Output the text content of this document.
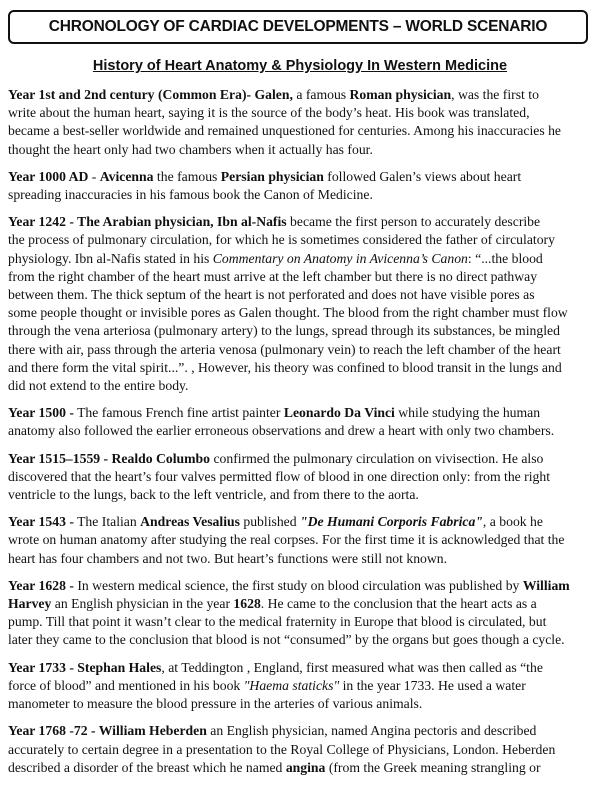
CHRONOLOGY OF CARDIAC DEVELOPMENTS – WORLD SCENARIO
History of Heart Anatomy & Physiology In Western Medicine
Year 1st and 2nd century (Common Era)- Galen, a famous Roman physician, was the first to
write about the human heart, saying it is the source of the body’s heat. His book was translated,
became a best-seller worldwide and remained unquestioned for centuries. Among his inaccuracies he
thought the heart only had two chambers when it actually has four.
Year 1000 AD - Avicenna the famous Persian physician followed Galen’s views about heart
spreading inaccuracies in his famous book the Canon of Medicine.
Year 1242 - The Arabian physician, Ibn al-Nafis became the first person to accurately describe
the process of pulmonary circulation, for which he is sometimes considered the father of circulatory
physiology. Ibn al-Nafis stated in his Commentary on Anatomy in Avicenna’s Canon: “...the blood
from the right chamber of the heart must arrive at the left chamber but there is no direct pathway
between them. The thick septum of the heart is not perforated and does not have visible pores as
some people thought or invisible pores as Galen thought. The blood from the right chamber must flow
through the vena arteriosa (pulmonary artery) to the lungs, spread through its substances, be mingled
there with air, pass through the arteria venosa (pulmonary vein) to reach the left chamber of the heart
and there form the vital spirit...”. , However, his theory was confined to blood transit in the lungs and
did not extend to the entire body.
Year 1500 - The famous French fine artist painter Leonardo Da Vinci while studying the human
anatomy also followed the earlier erroneous observations and drew a heart with only two chambers.
Year 1515–1559 - Realdo Columbo confirmed the pulmonary circulation on vivisection. He also
discovered that the heart’s four valves permitted flow of blood in one direction only: from the right
ventricle to the lungs, back to the left ventricle, and from there to the aorta.
Year 1543 - The Italian Andreas Vesalius published "De Humani Corporis Fabrica", a book he
wrote on human anatomy after studying the real corpses. For the first time it is acknowledged that the
heart has four chambers and not two. But heart’s functions were still not known.
Year 1628 - In western medical science, the first study on blood circulation was published by William
Harvey an English physician in the year 1628. He came to the conclusion that the heart acts as a
pump. Till that point it wasn’t clear to the medical fraternity in Europe that blood is circulated, but
later they came to the conclusion that blood is not “consumed” by the organs but goes though a cycle.
Year 1733 - Stephan Hales, at Teddington , England, first measured what was then called as “the
force of blood” and mentioned in his book "Haema staticks" in the year 1733. He used a water
manometer to measure the blood pressure in the arteries of various animals.
Year 1768 -72 - William Heberden an English physician, named Angina pectoris and described
accurately to certain degree in a presentation to the Royal College of Physicians, London. Heberden
described a disorder of the breast which he named angina (from the Greek meaning strangling or
